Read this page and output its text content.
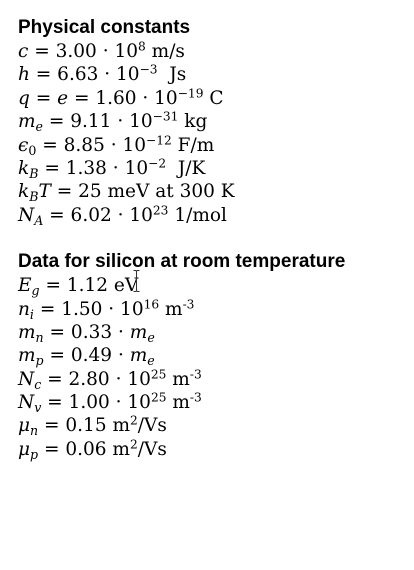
Physical constants
$c = 3.00 \cdot 10^8$ m/s
$h = 6.63 \cdot 10^{-3}$  Js
$q = e = 1.60 \cdot 10^{-19}$ C
$m_e = 9.11 \cdot 10^{-31}$ kg
$\epsilon_0 = 8.85 \cdot 10^{-12}$ F/m
$k_B = 1.38 \cdot 10^{-2}$  J/K
$k_BT = 25$ meV at 300 K
$N_A = 6.02 \cdot 10^{23}$ 1/mol
Data for silicon at room temperature
$E_g = 1.12$ eV
$n_i = 1.50 \cdot 10^{16}$ $m^{-3}$
$m_n = 0.33 \cdot m_e$
$m_p = 0.49 \cdot m_e$
$N_c = 2.80 \cdot 10^{25}$ $m^{-3}$
$N_v = 1.00 \cdot 10^{25}$ $m^{-3}$
$\mu_n = 0.15$ $m^2/Vs$
$\mu_p = 0.06$ $m^2/Vs$
